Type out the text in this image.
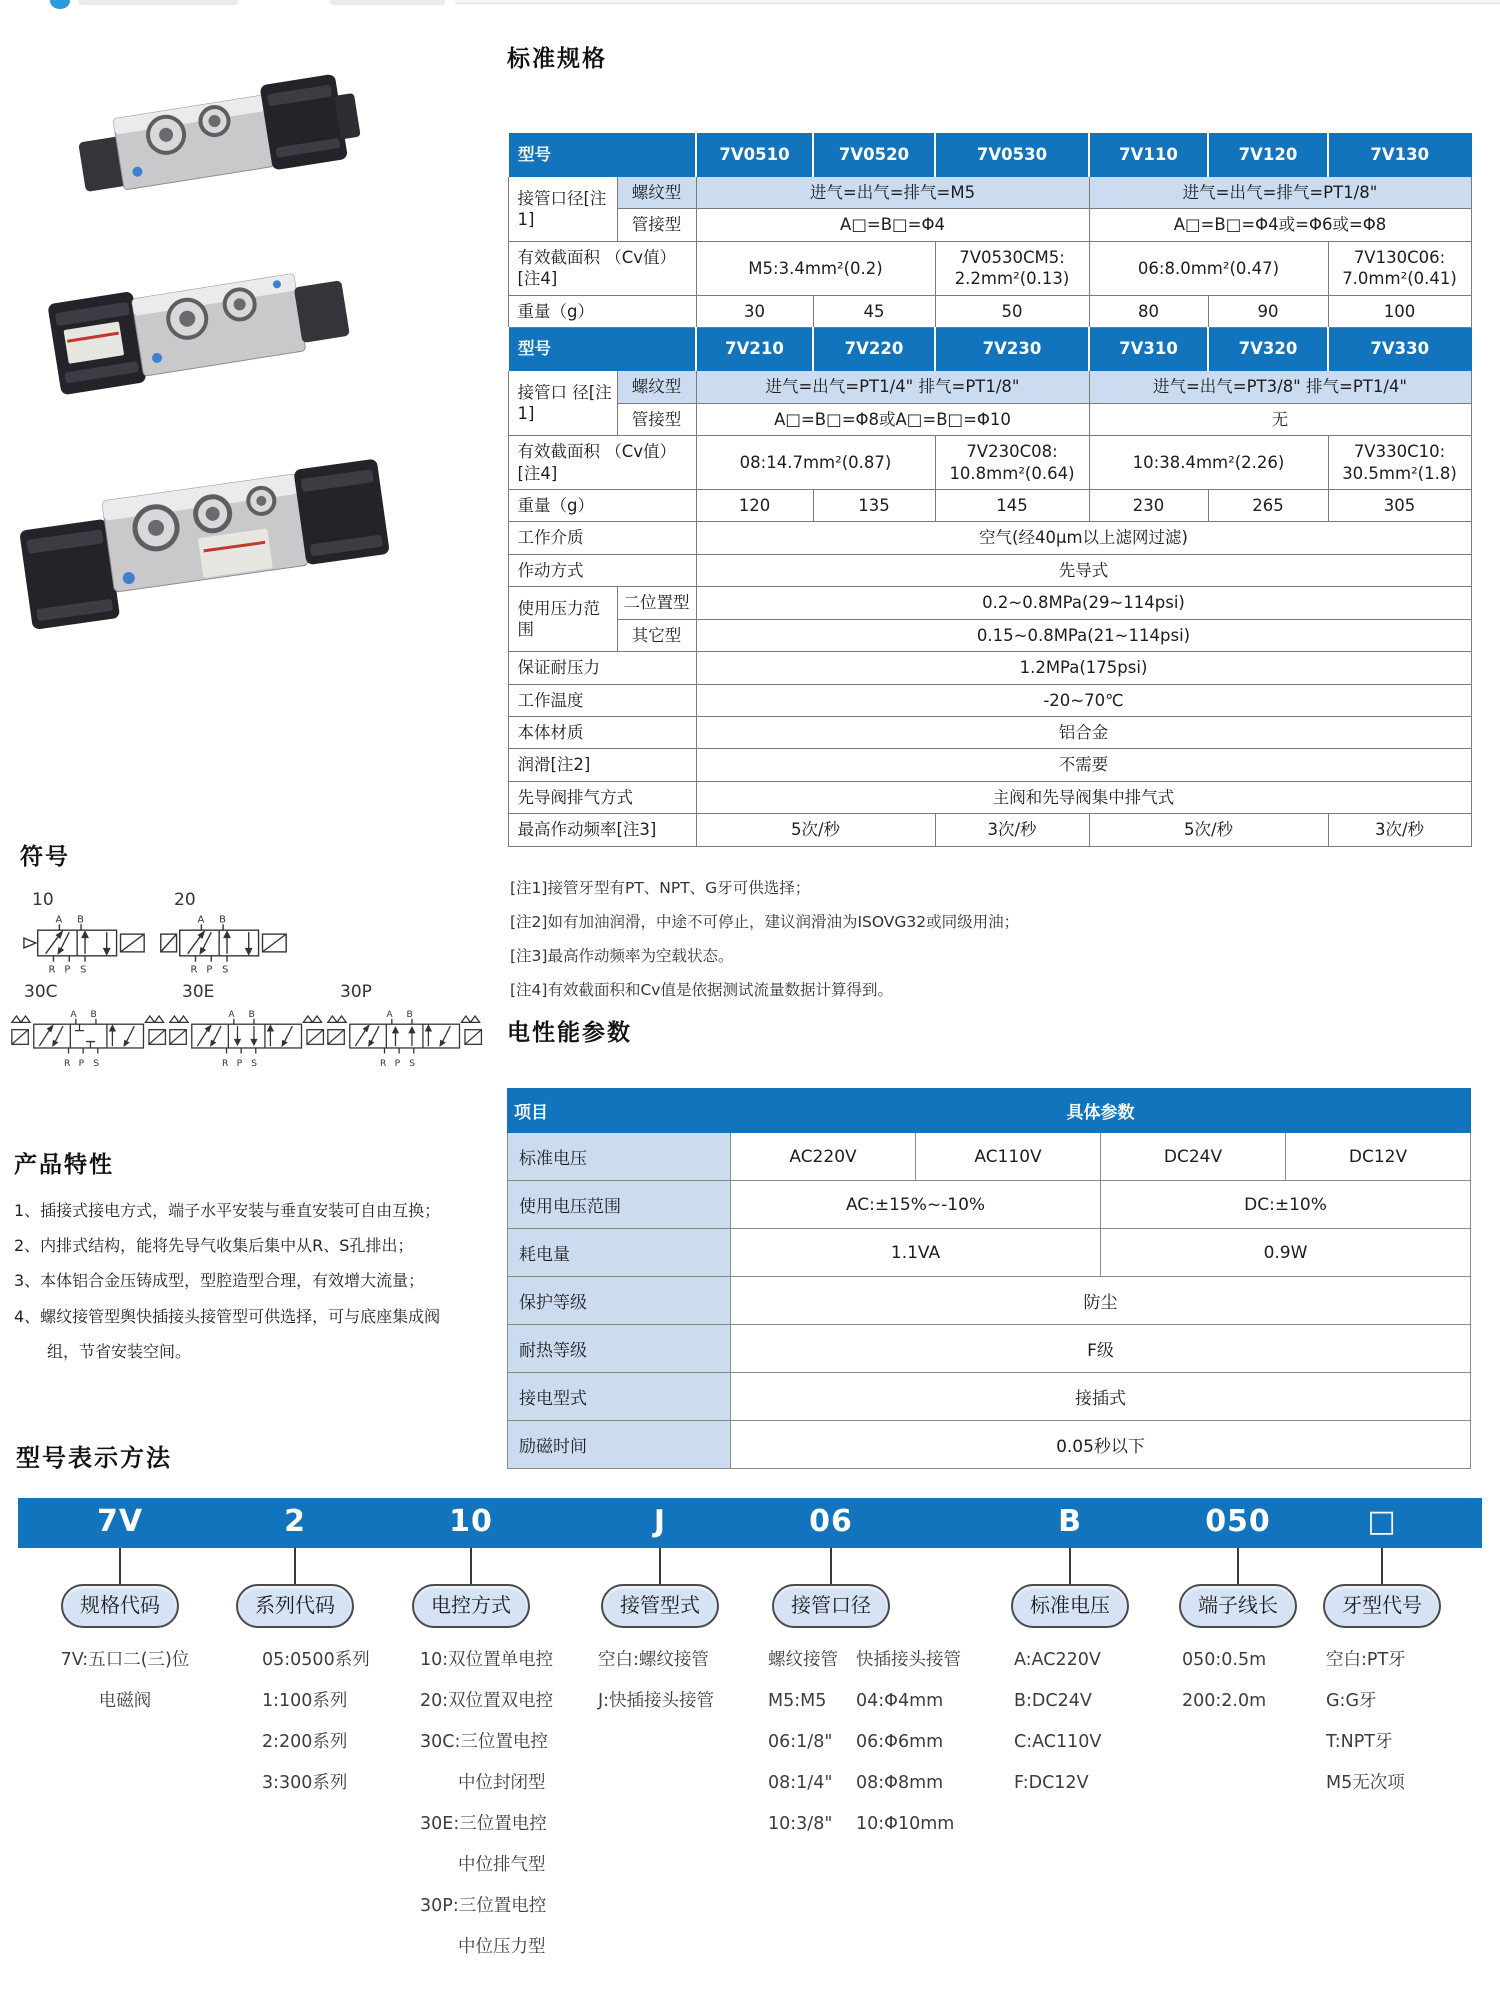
标准规格
型号		7V0510	7V0520	7V0530	7V110	7V120	7V130
接管口径[注1]	螺纹型	进气=出气=排气=M5			进气=出气=排气=PT1/8"		
	管接型	A□=B□=Φ4			A□=B□=Φ4或=Φ6或=Φ8		
有效截面积 （Cv值）[注4]		M5:3.4mm²(0.2)		7V0530CM5: 2.2mm²(0.13)	06:8.0mm²(0.47)		7V130C06: 7.0mm²(0.41)
重量（g）		30	45	50	80	90	100
型号		7V210	7V220	7V230	7V310	7V320	7V330
接管口 径[注1]	螺纹型	进气=出气=PT1/4" 排气=PT1/8"			进气=出气=PT3/8" 排气=PT1/4"		
	管接型	A□=B□=Φ8或A□=B□=Φ10			无		
有效截面积 （Cv值）[注4]		08:14.7mm²(0.87)		7V230C08: 10.8mm²(0.64)	10:38.4mm²(2.26)		7V330C10: 30.5mm²(1.8)
重量（g）		120	135	145	230	265	305
工作介质		空气(经40μm以上滤网过滤)					
作动方式		先导式					
使用压力范围	二位置型	0.2~0.8MPa(29~114psi)					
	其它型	0.15~0.8MPa(21~114psi)					
保证耐压力		1.2MPa(175psi)					
工作温度		-20~70℃					
本体材质		铝合金					
润滑[注2]		不需要					
先导阀排气方式		主阀和先导阀集中排气式					
最高作动频率[注3]		5次/秒		3次/秒	5次/秒		3次/秒
[注1]接管牙型有PT、NPT、G牙可供选择；
[注2]如有加油润滑，中途不可停止，建议润滑油为ISOVG32或同级用油；
[注3]最高作动频率为空载状态。
[注4]有效截面积和Cv值是依据测试流量数据计算得到。
电性能参数
项目	具体参数			
标准电压	AC220V	AC110V	DC24V	DC12V
使用电压范围	AC:±15%~-10%		DC:±10%	
耗电量	1.1VA		0.9W	
保护等级	防尘			
耐热等级	F级			
接电型式	接插式			
励磁时间	0.05秒以下			
符号
10
A B
R P S
20
A B
R P S
30C
A B
R P S
30E
A B
R P S
30P
A B
R P S
产品特性
1、插接式接电方式，端子水平安装与垂直安装可自由互换；
2、内排式结构，能将先导气收集后集中从R、S孔排出；
3、本体铝合金压铸成型，型腔造型合理，有效增大流量；
4、螺纹接管型舆快插接头接管型可供选择，可与底座集成阀组，节省安装空间。
型号表示方法
7V	2	10	J	06	B	050	□
规格代码	系列代码	电控方式	接管型式	接管口径	标准电压	端子线长	牙型代号
7V:五口二(三)位
电磁阀
05:0500系列
1:100系列
2:200系列
3:300系列
10:双位置单电控
20:双位置双电控
30C:三位置电控
中位封闭型
30E:三位置电控
中位排气型
30P:三位置电控
中位压力型
空白:螺纹接管
J:快插接头接管
螺纹接管
M5:M5
06:1/8"
08:1/4"
10:3/8"
快插接头接管
04:Φ4mm
06:Φ6mm
08:Φ8mm
10:Φ10mm
A:AC220V
B:DC24V
C:AC110V
F:DC12V
050:0.5m
200:2.0m
空白:PT牙
G:G牙
T:NPT牙
M5无次项
